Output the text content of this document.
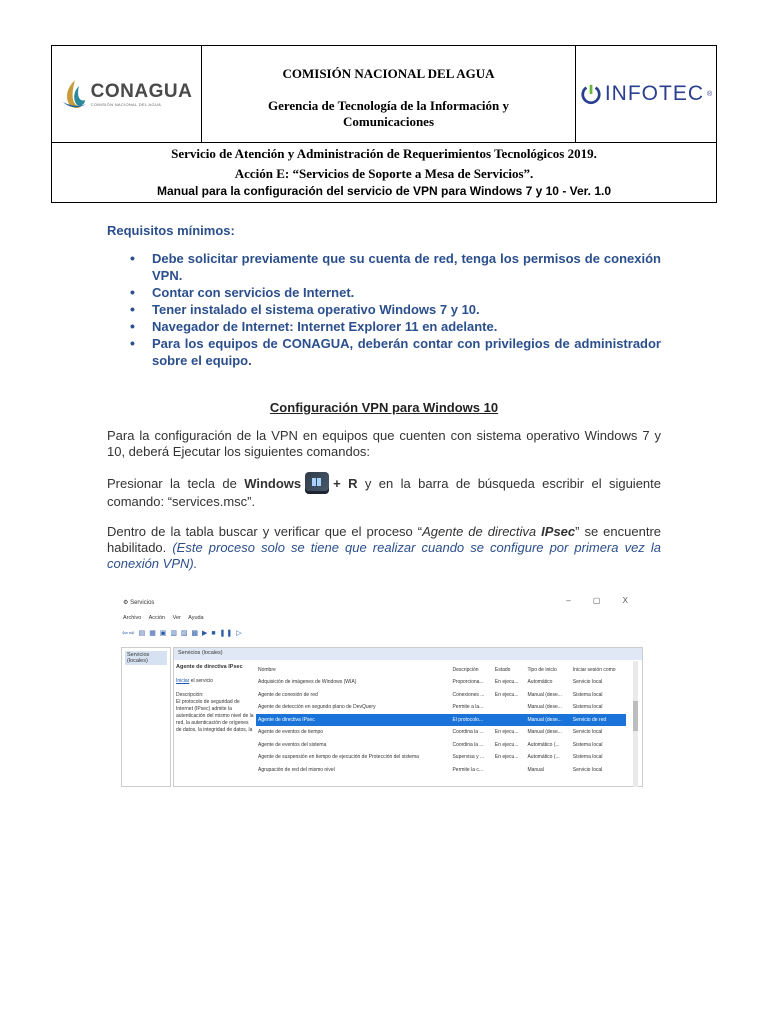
CONAGUA
COMISIÓN NACIONAL DEL AGUA
COMISIÓN NACIONAL DEL AGUA
Gerencia de Tecnología de la Información y Comunicaciones
INFOTEC ®
Servicio de Atención y Administración de Requerimientos Tecnológicos 2019.
Acción E: “Servicios de Soporte a Mesa de Servicios”.
Manual para la configuración del servicio de VPN para Windows 7 y 10 - Ver. 1.0
Requisitos mínimos:
• Debe solicitar previamente que su cuenta de red, tenga los permisos de conexión VPN.
• Contar con servicios de Internet.
• Tener instalado el sistema operativo Windows 7 y 10.
• Navegador de Internet: Internet Explorer 11 en adelante.
• Para los equipos de CONAGUA, deberán contar con privilegios de administrador sobre el equipo.
Configuración VPN para Windows 10
Para la configuración de la VPN en equipos que cuenten con sistema operativo Windows 7 y 10, deberá Ejecutar los siguientes comandos:
Presionar la tecla de Windows + R y en la barra de búsqueda escribir el siguiente comando: “services.msc”.
Dentro de la tabla buscar y verificar que el proceso “Agente de directiva IPsec” se encuentre habilitado. (Este proceso solo se tiene que realizar cuando se configure por primera vez la conexión VPN).
⚙ Servicios	– ▢ X
Archivo Acción Ver Ayuda
⇦⇨ ▤ ▦ ▣ ▥ ▨ ▩ ▶ ■ ❚❚ ▷
Servicios (locales)
Servicios (locales)
Agente de directiva IPsec

Iniciar el servicio

Descripción:
El protocolo de seguridad de Internet (IPsec) admite la autenticación del mismo nivel de la red, la autenticación de orígenes de datos, la integridad de datos, la
Nombre	Descripción	Estado	Tipo de inicio	Iniciar sesión como
Adquisición de imágenes de Windows (WIA)	Proporciona...	En ejecu...	Automático	Servicio local
Agente de conexión de red	Conexiones ...	En ejecu...	Manual (dese...	Sistema local
Agente de detección en segundo plano de DevQuery	Permite a la...		Manual (dese...	Sistema local
Agente de directiva IPsec	El protocolo...		Manual (dese...	Servicio de red
Agente de eventos de tiempo	Coordina la ...	En ejecu...	Manual (dese...	Servicio local
Agente de eventos del sistema	Coordina la ...	En ejecu...	Automático (...	Sistema local
Agente de suspensión en tiempo de ejecución de Protección del sistema	Supervisa y ...	En ejecu...	Automático (...	Sistema local
Agrupación de red del mismo nivel	Permite la c...		Manual	Servicio local
